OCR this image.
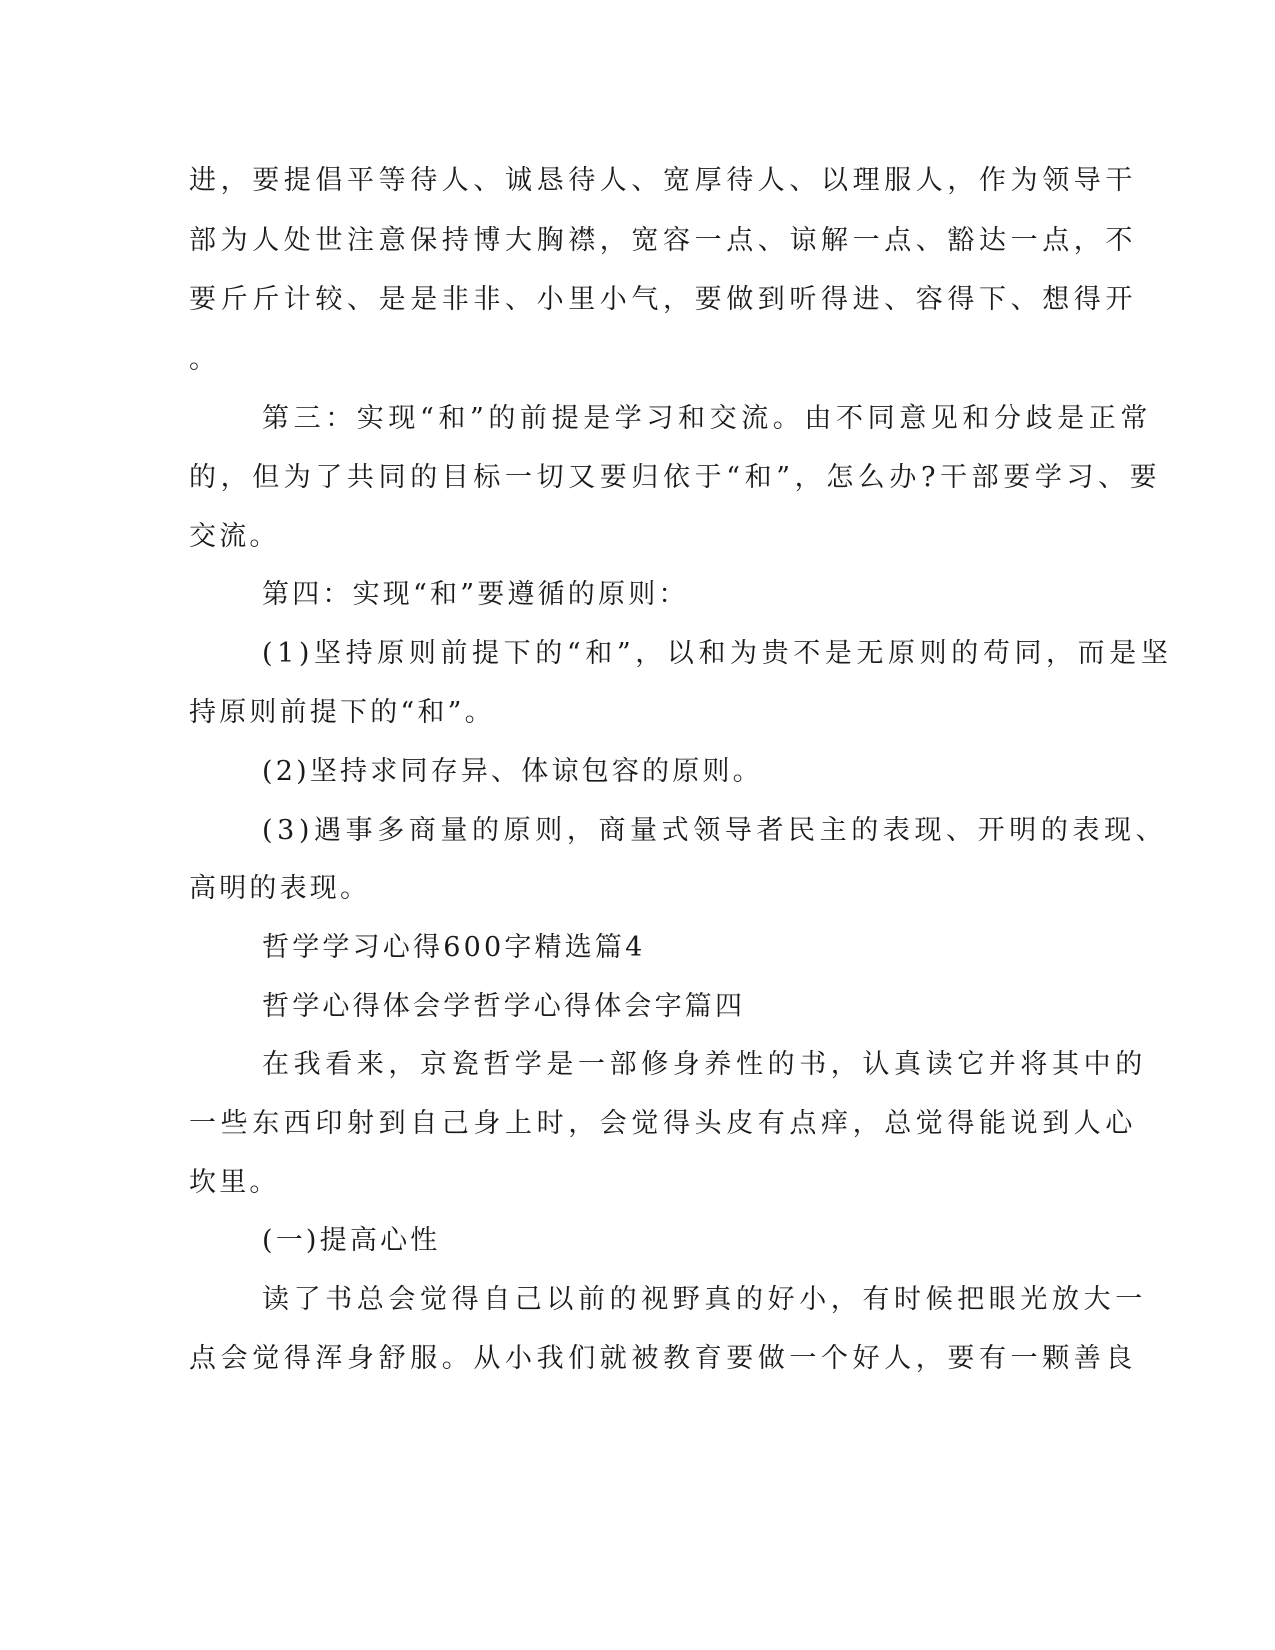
进，要提倡平等待人、诚恳待人、宽厚待人、以理服人，作为领导干
部为人处世注意保持博大胸襟，宽容一点、谅解一点、豁达一点，不
要斤斤计较、是是非非、小里小气，要做到听得进、容得下、想得开
。
第三：实现“和”的前提是学习和交流。由不同意见和分歧是正常
的，但为了共同的目标一切又要归依于“和”，怎么办?干部要学习、要
交流。
第四：实现“和”要遵循的原则：
(1)坚持原则前提下的“和”，以和为贵不是无原则的苟同，而是坚
持原则前提下的“和”。
(2)坚持求同存异、体谅包容的原则。
(3)遇事多商量的原则，商量式领导者民主的表现、开明的表现、
高明的表现。
哲学学习心得600字精选篇4
哲学心得体会学哲学心得体会字篇四
在我看来，京瓷哲学是一部修身养性的书，认真读它并将其中的
一些东西印射到自己身上时，会觉得头皮有点痒，总觉得能说到人心
坎里。
(一)提高心性
读了书总会觉得自己以前的视野真的好小，有时候把眼光放大一
点会觉得浑身舒服。从小我们就被教育要做一个好人，要有一颗善良
